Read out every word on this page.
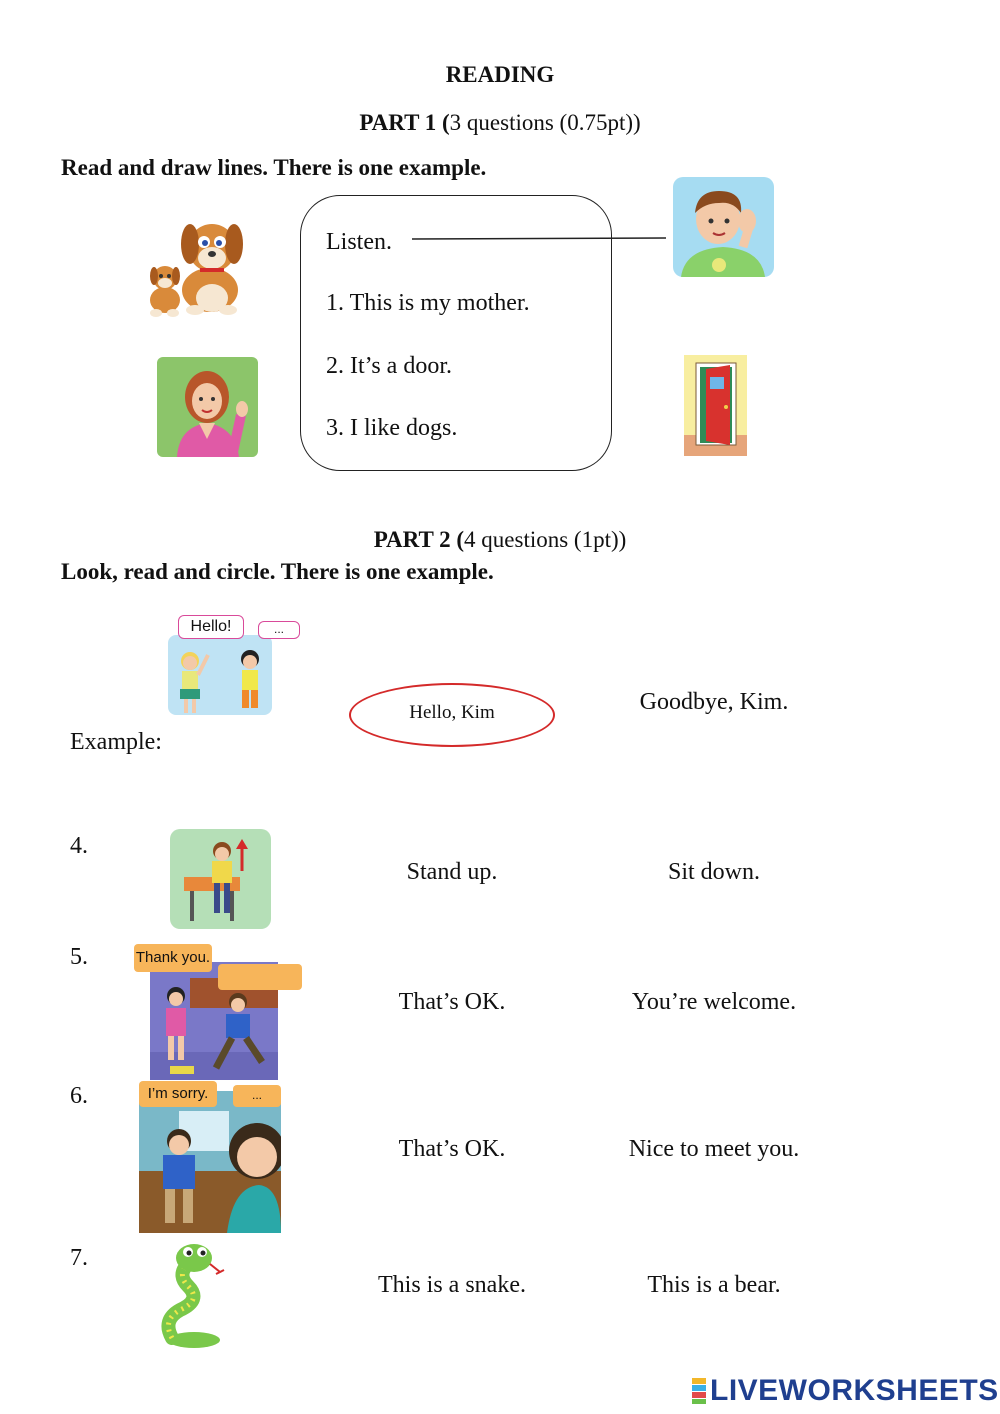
READING
PART 1 (3 questions (0.75pt))
Read and draw lines. There is one example.
Listen.
1. This is my mother.
2. It’s a door.
3. I like dogs.
PART 2 (4 questions (1pt))
Look, read and circle. There is one example.
Hello!	...
Example:
Hello, Kim	Goodbye, Kim.
4.
Stand up.	Sit down.
5.	Thank you.
That’s OK.	You’re welcome.
6.	I’m sorry.	...
That’s OK.	Nice to meet you.
7.
This is a snake.	This is a bear.
LIVEWORKSHEETS
